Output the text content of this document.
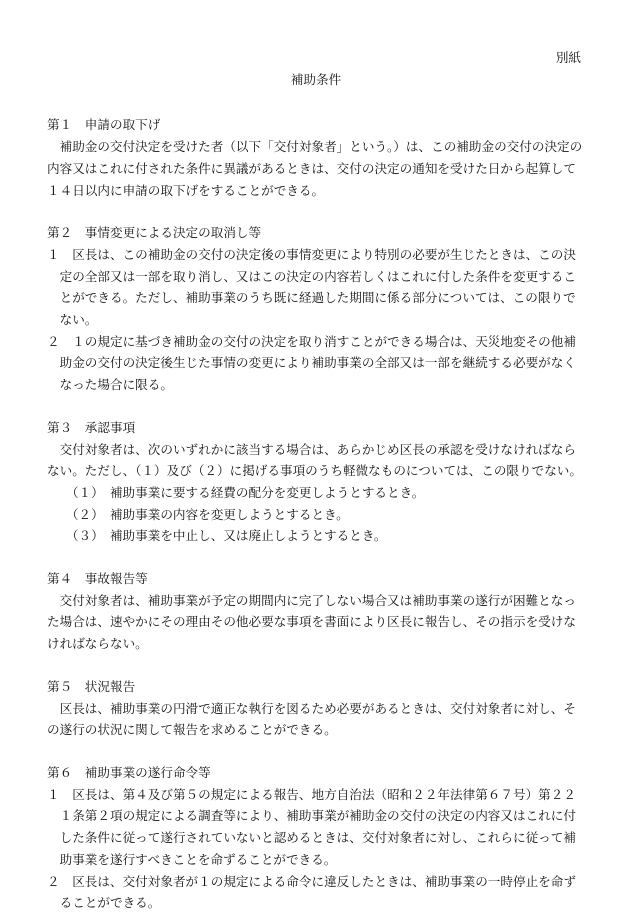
別紙
補助条件
第１　申請の取下げ
補助金の交付決定を受けた者（以下「交付対象者」という。）は、この補助金の交付の決定の内容又はこれに付された条件に異議があるときは、交付の決定の通知を受けた日から起算して１４日以内に申請の取下げをすることができる。
第２　事情変更による決定の取消し等
１　区長は、この補助金の交付の決定後の事情変更により特別の必要が生じたときは、この決定の全部又は一部を取り消し、又はこの決定の内容若しくはこれに付した条件を変更することができる。ただし、補助事業のうち既に経過した期間に係る部分については、この限りでない。
２　１の規定に基づき補助金の交付の決定を取り消すことができる場合は、天災地変その他補助金の交付の決定後生じた事情の変更により補助事業の全部又は一部を継続する必要がなくなった場合に限る。
第３　承認事項
交付対象者は、次のいずれかに該当する場合は、あらかじめ区長の承認を受けなければならない。ただし、（１）及び（２）に掲げる事項のうち軽微なものについては、この限りでない。
（１）　補助事業に要する経費の配分を変更しようとするとき。
（２）　補助事業の内容を変更しようとするとき。
（３）　補助事業を中止し、又は廃止しようとするとき。
第４　事故報告等
交付対象者は、補助事業が予定の期間内に完了しない場合又は補助事業の遂行が困難となった場合は、速やかにその理由その他必要な事項を書面により区長に報告し、その指示を受けなければならない。
第５　状況報告
区長は、補助事業の円滑で適正な執行を図るため必要があるときは、交付対象者に対し、その遂行の状況に関して報告を求めることができる。
第６　補助事業の遂行命令等
１　区長は、第４及び第５の規定による報告、地方自治法（昭和２２年法律第６７号）第２２１条第２項の規定による調査等により、補助事業が補助金の交付の決定の内容又はこれに付した条件に従って遂行されていないと認めるときは、交付対象者に対し、これらに従って補助事業を遂行すべきことを命ずることができる。
２　区長は、交付対象者が１の規定による命令に違反したときは、補助事業の一時停止を命ずることができる。
